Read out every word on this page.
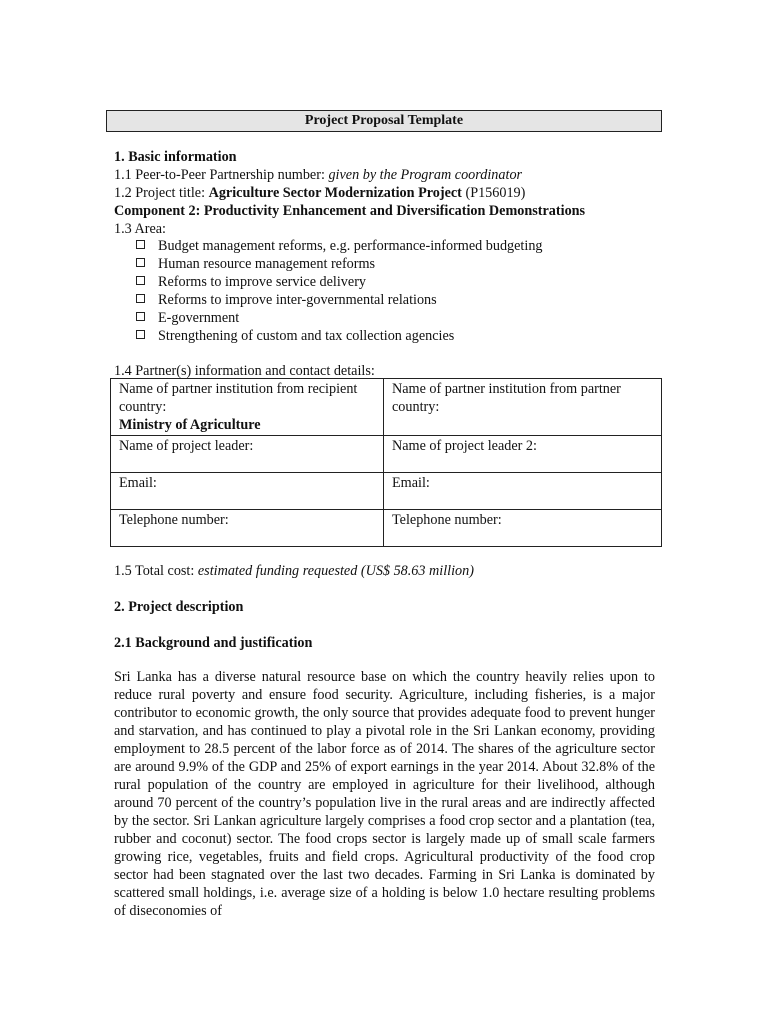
Project Proposal Template
1. Basic information
1.1 Peer-to-Peer Partnership number: given by the Program coordinator
1.2 Project title: Agriculture Sector Modernization Project (P156019)
Component 2: Productivity Enhancement and Diversification Demonstrations
1.3 Area:
Budget management reforms, e.g. performance-informed budgeting
Human resource management reforms
Reforms to improve service delivery
Reforms to improve inter-governmental relations
E-government
Strengthening of custom and tax collection agencies
1.4 Partner(s) information and contact details:
Name of partner institution from recipient country:
Ministry of Agriculture	Name of partner institution from partner country:

Name of project leader:	Name of project leader 2:
Email:	Email:
Telephone number:	Telephone number:
1.5 Total cost: estimated funding requested (US$ 58.63 million)
2. Project description
2.1 Background and justification

Sri Lanka has a diverse natural resource base on which the country heavily relies upon to reduce rural poverty and ensure food security. Agriculture, including fisheries, is a major contributor to economic growth, the only source that provides adequate food to prevent hunger and starvation, and has continued to play a pivotal role in the Sri Lankan economy, providing employment to 28.5 percent of the labor force as of 2014. The shares of the agriculture sector are around 9.9% of the GDP and 25% of export earnings in the year 2014. About 32.8% of the rural population of the country are employed in agriculture for their livelihood, although around 70 percent of the country’s population live in the rural areas and are indirectly affected by the sector. Sri Lankan agriculture largely comprises a food crop sector and a plantation (tea, rubber and coconut) sector. The food crops sector is largely made up of small scale farmers growing rice, vegetables, fruits and field crops. Agricultural productivity of the food crop sector had been stagnated over the last two decades. Farming in Sri Lanka is dominated by scattered small holdings, i.e. average size of a holding is below 1.0 hectare resulting problems of diseconomies of
